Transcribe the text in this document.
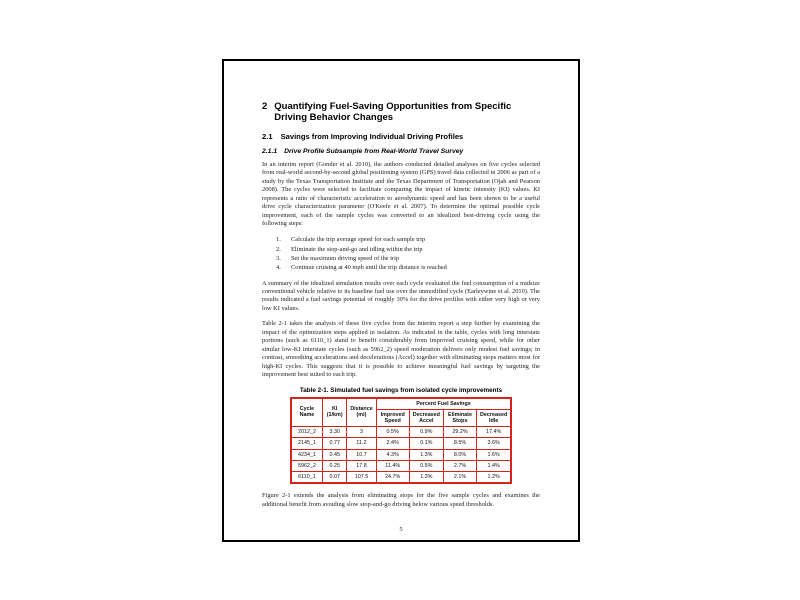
2 Quantifying Fuel-Saving Opportunities from Specific Driving Behavior Changes
2.1 Savings from Improving Individual Driving Profiles
2.1.1 Drive Profile Subsample from Real-World Travel Survey

In an interim report (Gonder et al. 2010), the authors conducted detailed analyses on five cycles selected from real-world second-by-second global positioning system (GPS) travel data collected in 2006 as part of a study by the Texas Transportation Institute and the Texas Department of Transportation (Ojah and Pearson 2008). The cycles were selected to facilitate comparing the impact of kinetic intensity (KI) values. KI represents a ratio of characteristic acceleration to aerodynamic speed and has been shown to be a useful drive cycle characterization parameter (O'Keefe et al. 2007). To determine the optimal possible cycle improvement, each of the sample cycles was converted to an idealized best-driving cycle using the following steps:

1.	Calculate the trip average speed for each sample trip
2.	Eliminate the stop-and-go and idling within the trip
3.	Set the maximum driving speed of the trip
4.	Continue cruising at 40 mph until the trip distance is reached

A summary of the idealized simulation results over each cycle evaluated the fuel consumption of a midsize conventional vehicle relative to its baseline fuel use over the unmodified cycle (Earleywine et al. 2010). The results indicated a fuel savings potential of roughly 30% for the drive profiles with either very high or very low KI values.

Table 2-1 takes the analysis of these five cycles from the interim report a step further by examining the impact of the optimization steps applied in isolation. As indicated in the table, cycles with long interstate portions (such as 6110_1) stand to benefit considerably from improved cruising speed, while for other similar low-KI interstate cycles (such as 5962_2) speed moderation delivers only modest fuel savings; in contrast, smoothing accelerations and decelerations (Accel) together with eliminating stops matters most for high-KI cycles. This suggests that it is possible to achieve meaningful fuel savings by targeting the improvement best suited to each trip.

Table 2-1. Simulated fuel savings from isolated cycle improvements
Cycle Name	KI (1/km)	Distance (mi)	Percent Fuel Savings			
			Improved Speed	Decreased Accel	Eliminate Stops	Decreased Idle
2012_2	3.30	3	0.5%	0.9%	29.2%	17.4%
2145_1	0.77	11.2	2.4%	0.1%	8.5%	3.6%
4234_1	0.45	10.7	4.3%	1.3%	8.0%	1.6%
5962_2	0.25	17.8	11.4%	0.5%	2.7%	1.4%
6110_1	0.07	107.5	24.7%	1.3%	2.1%	1.2%

Figure 2-1 extends the analysis from eliminating stops for the five sample cycles and examines the additional benefit from avoiding slow stop-and-go driving below various speed thresholds.

5
